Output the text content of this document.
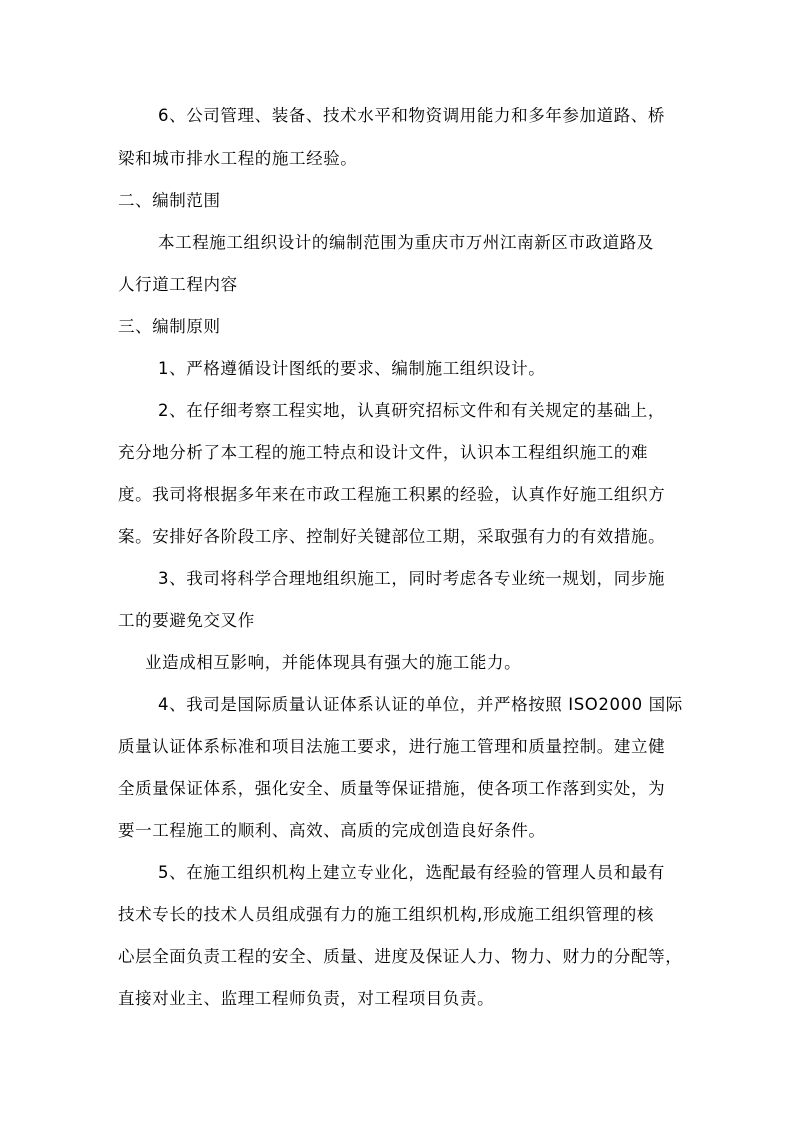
6、公司管理、装备、技术水平和物资调用能力和多年参加道路、桥
梁和城市排水工程的施工经验。
二、编制范围
本工程施工组织设计的编制范围为重庆市万州江南新区市政道路及
人行道工程内容
三、编制原则
1、严格遵循设计图纸的要求、编制施工组织设计。
2、在仔细考察工程实地，认真研究招标文件和有关规定的基础上，
充分地分析了本工程的施工特点和设计文件，认识本工程组织施工的难
度。我司将根据多年来在市政工程施工积累的经验，认真作好施工组织方
案。安排好各阶段工序、控制好关键部位工期，采取强有力的有效措施。
3、我司将科学合理地组织施工，同时考虑各专业统一规划，同步施
工的要避免交叉作
业造成相互影响，并能体现具有强大的施工能力。
4、我司是国际质量认证体系认证的单位，并严格按照 ISO2000 国际
质量认证体系标准和项目法施工要求，进行施工管理和质量控制。建立健
全质量保证体系，强化安全、质量等保证措施，使各项工作落到实处，为
要一工程施工的顺利、高效、高质的完成创造良好条件。
5、在施工组织机构上建立专业化，选配最有经验的管理人员和最有
技术专长的技术人员组成强有力的施工组织机构,形成施工组织管理的核
心层全面负责工程的安全、质量、进度及保证人力、物力、财力的分配等，
直接对业主、监理工程师负责，对工程项目负责。
